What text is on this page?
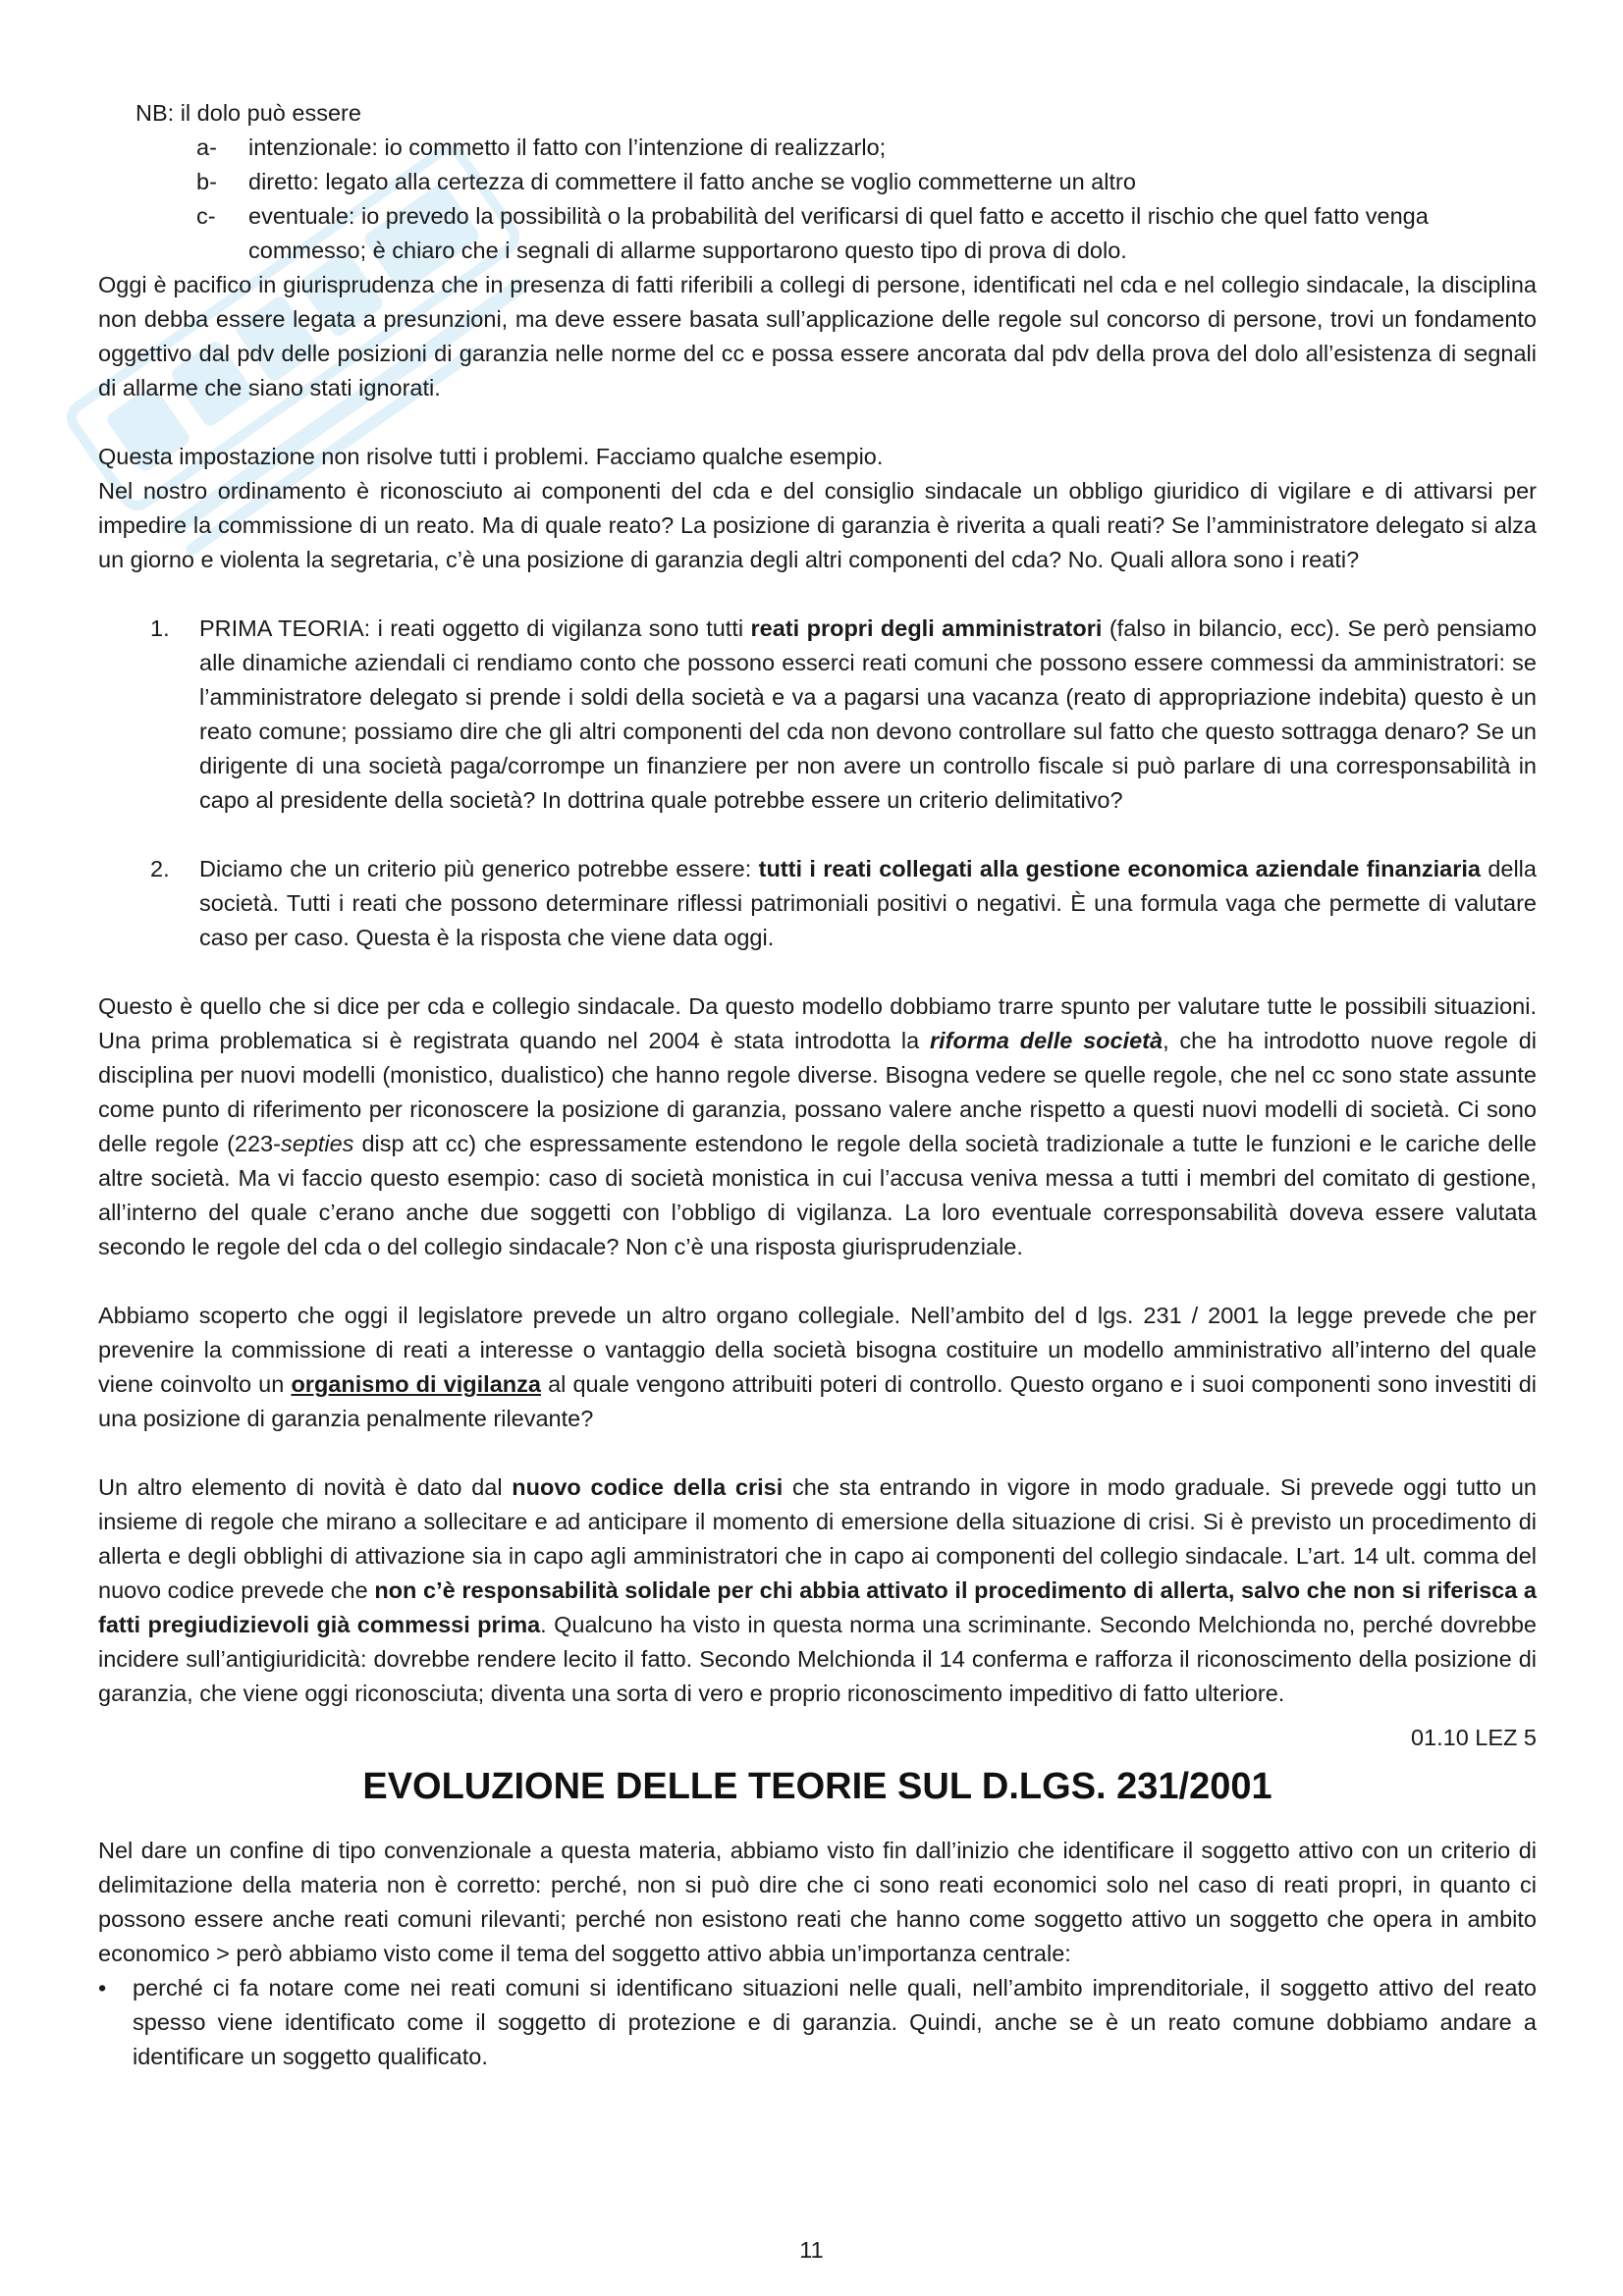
NB: il dolo può essere

a- intenzionale: io commetto il fatto con l’intenzione di realizzarlo;
b- diretto: legato alla certezza di commettere il fatto anche se voglio commetterne un altro
c- eventuale: io prevedo la possibilità o la probabilità del verificarsi di quel fatto e accetto il rischio che quel fatto venga commesso; è chiaro che i segnali di allarme supportarono questo tipo di prova di dolo.

Oggi è pacifico in giurisprudenza che in presenza di fatti riferibili a collegi di persone, identificati nel cda e nel collegio sindacale, la disciplina non debba essere legata a presunzioni, ma deve essere basata sull’applicazione delle regole sul concorso di persone, trovi un fondamento oggettivo dal pdv delle posizioni di garanzia nelle norme del cc e possa essere ancorata dal pdv della prova del dolo all’esistenza di segnali di allarme che siano stati ignorati.

Questa impostazione non risolve tutti i problemi. Facciamo qualche esempio.

Nel nostro ordinamento è riconosciuto ai componenti del cda e del consiglio sindacale un obbligo giuridico di vigilare e di attivarsi per impedire la commissione di un reato. Ma di quale reato? La posizione di garanzia è riverita a quali reati? Se l’amministratore delegato si alza un giorno e violenta la segretaria, c’è una posizione di garanzia degli altri componenti del cda? No. Quali allora sono i reati?

1. PRIMA TEORIA: i reati oggetto di vigilanza sono tutti reati propri degli amministratori (falso in bilancio, ecc). Se però pensiamo alle dinamiche aziendali ci rendiamo conto che possono esserci reati comuni che possono essere commessi da amministratori: se l’amministratore delegato si prende i soldi della società e va a pagarsi una vacanza (reato di appropriazione indebita) questo è un reato comune; possiamo dire che gli altri componenti del cda non devono controllare sul fatto che questo sottragga denaro? Se un dirigente di una società paga/corrompe un finanziere per non avere un controllo fiscale si può parlare di una corresponsabilità in capo al presidente della società? In dottrina quale potrebbe essere un criterio delimitativo?
2. Diciamo che un criterio più generico potrebbe essere: tutti i reati collegati alla gestione economica aziendale finanziaria della società. Tutti i reati che possono determinare riflessi patrimoniali positivi o negativi. È una formula vaga che permette di valutare caso per caso. Questa è la risposta che viene data oggi.

Questo è quello che si dice per cda e collegio sindacale. Da questo modello dobbiamo trarre spunto per valutare tutte le possibili situazioni. Una prima problematica si è registrata quando nel 2004 è stata introdotta la riforma delle società, che ha introdotto nuove regole di disciplina per nuovi modelli (monistico, dualistico) che hanno regole diverse. Bisogna vedere se quelle regole, che nel cc sono state assunte come punto di riferimento per riconoscere la posizione di garanzia, possano valere anche rispetto a questi nuovi modelli di società. Ci sono delle regole (223-septies disp att cc) che espressamente estendono le regole della società tradizionale a tutte le funzioni e le cariche delle altre società. Ma vi faccio questo esempio: caso di società monistica in cui l’accusa veniva messa a tutti i membri del comitato di gestione, all’interno del quale c’erano anche due soggetti con l’obbligo di vigilanza. La loro eventuale corresponsabilità doveva essere valutata secondo le regole del cda o del collegio sindacale? Non c’è una risposta giurisprudenziale.

Abbiamo scoperto che oggi il legislatore prevede un altro organo collegiale. Nell’ambito del d lgs. 231 / 2001 la legge prevede che per prevenire la commissione di reati a interesse o vantaggio della società bisogna costituire un modello amministrativo all’interno del quale viene coinvolto un organismo di vigilanza al quale vengono attribuiti poteri di controllo. Questo organo e i suoi componenti sono investiti di una posizione di garanzia penalmente rilevante?

Un altro elemento di novità è dato dal nuovo codice della crisi che sta entrando in vigore in modo graduale. Si prevede oggi tutto un insieme di regole che mirano a sollecitare e ad anticipare il momento di emersione della situazione di crisi. Si è previsto un procedimento di allerta e degli obblighi di attivazione sia in capo agli amministratori che in capo ai componenti del collegio sindacale. L’art. 14 ult. comma del nuovo codice prevede che non c’è responsabilità solidale per chi abbia attivato il procedimento di allerta, salvo che non si riferisca a fatti pregiudizievoli già commessi prima. Qualcuno ha visto in questa norma una scriminante. Secondo Melchionda no, perché dovrebbe incidere sull’antigiuridicità: dovrebbe rendere lecito il fatto. Secondo Melchionda il 14 conferma e rafforza il riconoscimento della posizione di garanzia, che viene oggi riconosciuta; diventa una sorta di vero e proprio riconoscimento impeditivo di fatto ulteriore.

01.10 LEZ 5
EVOLUZIONE DELLE TEORIE SUL D.LGS. 231/2001

Nel dare un confine di tipo convenzionale a questa materia, abbiamo visto fin dall’inizio che identificare il soggetto attivo con un criterio di delimitazione della materia non è corretto: perché, non si può dire che ci sono reati economici solo nel caso di reati propri, in quanto ci possono essere anche reati comuni rilevanti; perché non esistono reati che hanno come soggetto attivo un soggetto che opera in ambito economico > però abbiamo visto come il tema del soggetto attivo abbia un’importanza centrale:

• perché ci fa notare come nei reati comuni si identificano situazioni nelle quali, nell’ambito imprenditoriale, il soggetto attivo del reato spesso viene identificato come il soggetto di protezione e di garanzia. Quindi, anche se è un reato comune dobbiamo andare a identificare un soggetto qualificato.
11
